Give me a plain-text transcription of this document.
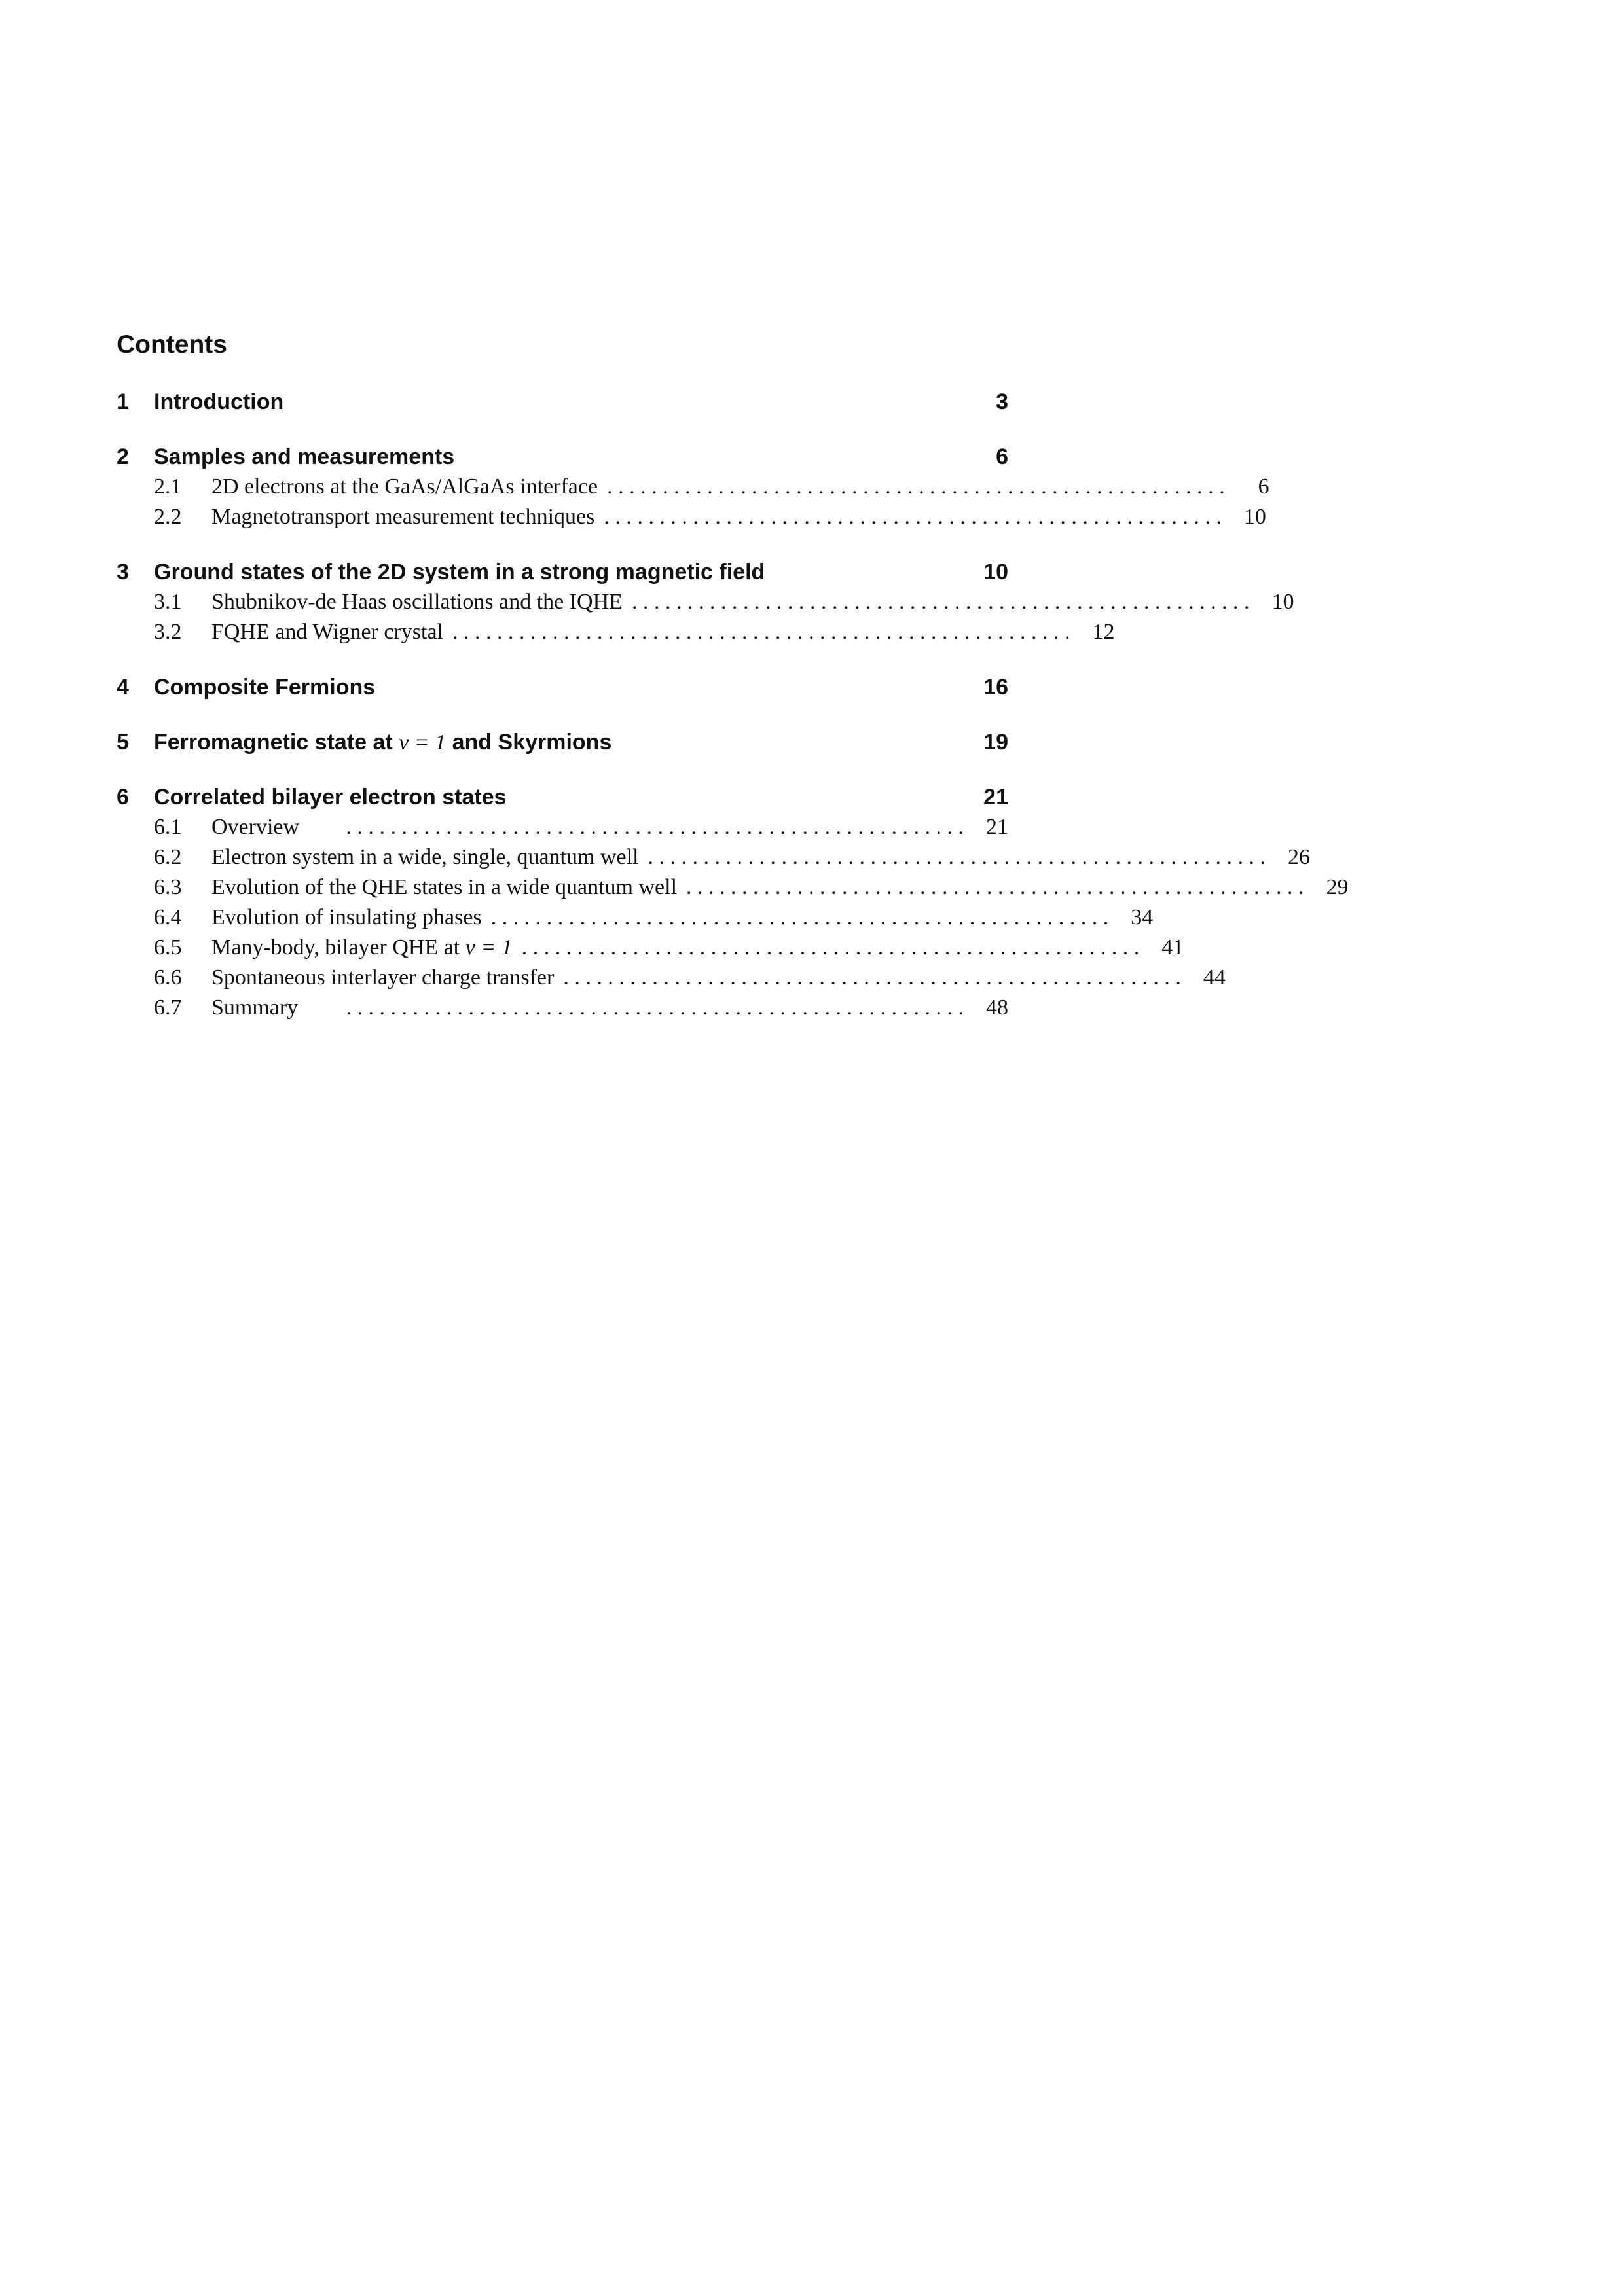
Contents
1	Introduction	3
2	Samples and measurements	6
2.1	2D electrons at the GaAs/AlGaAs interface . . . . . . . . . . . . . . . . . . . . . . . . . . . . . . . . . . . . . . . . . . . . . . . . . . . . . . . .	6
2.2	Magnetotransport measurement techniques . . . . . . . . . . . . . . . . . . . . . . . . . . . . . . . . . . . . . . . . . . . . . . . . . . . . . . . .	10
3	Ground states of the 2D system in a strong magnetic field	10
3.1	Shubnikov-de Haas oscillations and the IQHE . . . . . . . . . . . . . . . . . . . . . . . . . . . . . . . . . . . . . . . . . . . . . . . . . . . . . . . .	10
3.2	FQHE and Wigner crystal . . . . . . . . . . . . . . . . . . . . . . . . . . . . . . . . . . . . . . . . . . . . . . . . . . . . . . . .	12
4	Composite Fermions	16
5	Ferromagnetic state at ν = 1 and Skyrmions	19
6	Correlated bilayer electron states	21
6.1	Overview	. . . . . . . . . . . . . . . . . . . . . . . . . . . . . . . . . . . . . . . . . . . . . . . . . . . . . . . .	21
6.2	Electron system in a wide, single, quantum well . . . . . . . . . . . . . . . . . . . . . . . . . . . . . . . . . . . . . . . . . . . . . . . . . . . . . . . .	26
6.3	Evolution of the QHE states in a wide quantum well . . . . . . . . . . . . . . . . . . . . . . . . . . . . . . . . . . . . . . . . . . . . . . . . . . . . . . . .	29
6.4	Evolution of insulating phases . . . . . . . . . . . . . . . . . . . . . . . . . . . . . . . . . . . . . . . . . . . . . . . . . . . . . . . .	34
6.5	Many-body, bilayer QHE at ν = 1 . . . . . . . . . . . . . . . . . . . . . . . . . . . . . . . . . . . . . . . . . . . . . . . . . . . . . . . .	41
6.6	Spontaneous interlayer charge transfer . . . . . . . . . . . . . . . . . . . . . . . . . . . . . . . . . . . . . . . . . . . . . . . . . . . . . . . .	44
6.7	Summary	. . . . . . . . . . . . . . . . . . . . . . . . . . . . . . . . . . . . . . . . . . . . . . . . . . . . . . . .	48
